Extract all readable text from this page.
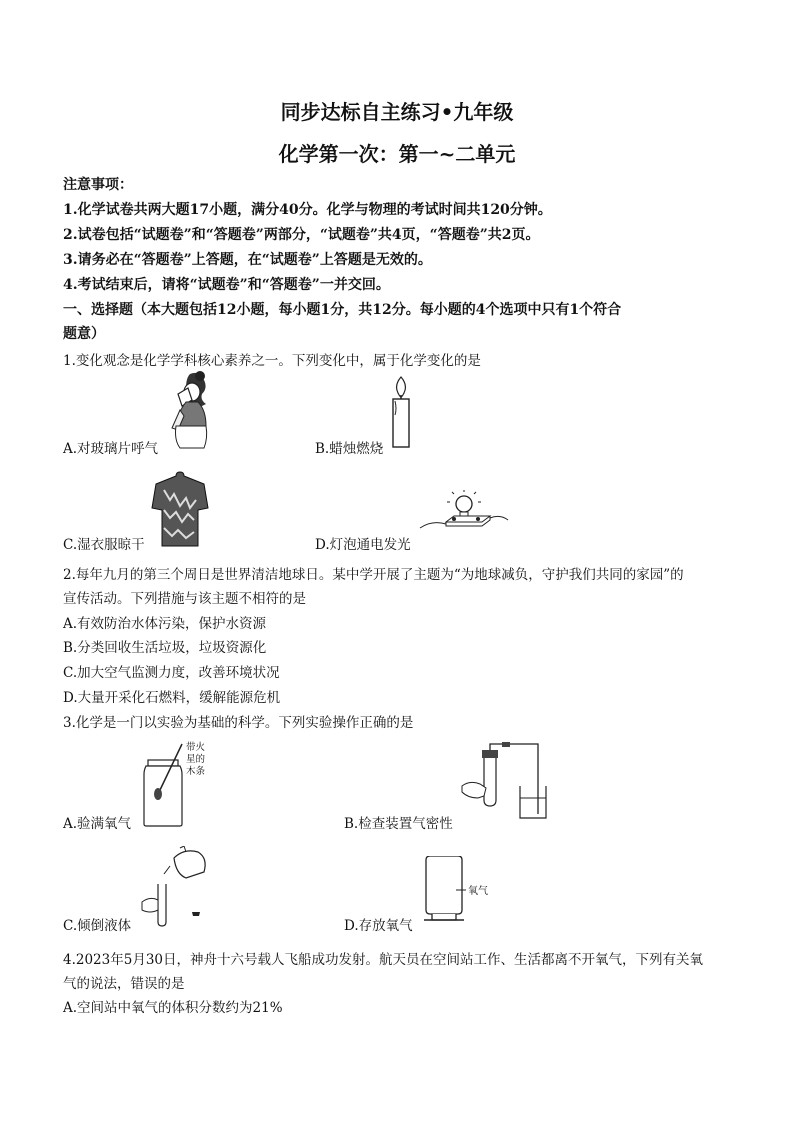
同步达标自主练习•九年级
化学第一次：第一~二单元
注意事项：
1.化学试卷共两大题17小题，满分40分。化学与物理的考试时间共120分钟。
2.试卷包括“试题卷”和“答题卷”两部分，“试题卷”共4页，“答题卷”共2页。
3.请务必在“答题卷”上答题，在“试题卷”上答题是无效的。
4.考试结束后，请将“试题卷”和“答题卷”一并交回。
一、选择题（本大题包括12小题，每小题1分，共12分。每小题的4个选项中只有1个符合
题意）
1.变化观念是化学学科核心素养之一。下列变化中，属于化学变化的是
A.对玻璃片呼气	B.蜡烛燃烧
C.湿衣服晾干	D.灯泡通电发光
2.每年九月的第三个周日是世界清洁地球日。某中学开展了主题为“为地球减负，守护我们共同的家园”的
宣传活动。下列措施与该主题不相符的是
A.有效防治水体污染，保护水资源
B.分类回收生活垃圾，垃圾资源化
C.加大空气监测力度，改善环境状况
D.大量开采化石燃料，缓解能源危机
3.化学是一门以实验为基础的科学。下列实验操作正确的是
带火
星的
木条
A.验满氧气	B.检查装置气密性
C.倾倒液体
氧气
D.存放氧气
4.2023年5月30日，神舟十六号载人飞船成功发射。航天员在空间站工作、生活都离不开氧气，下列有关氧
气的说法，错误的是
A.空间站中氧气的体积分数约为21%
